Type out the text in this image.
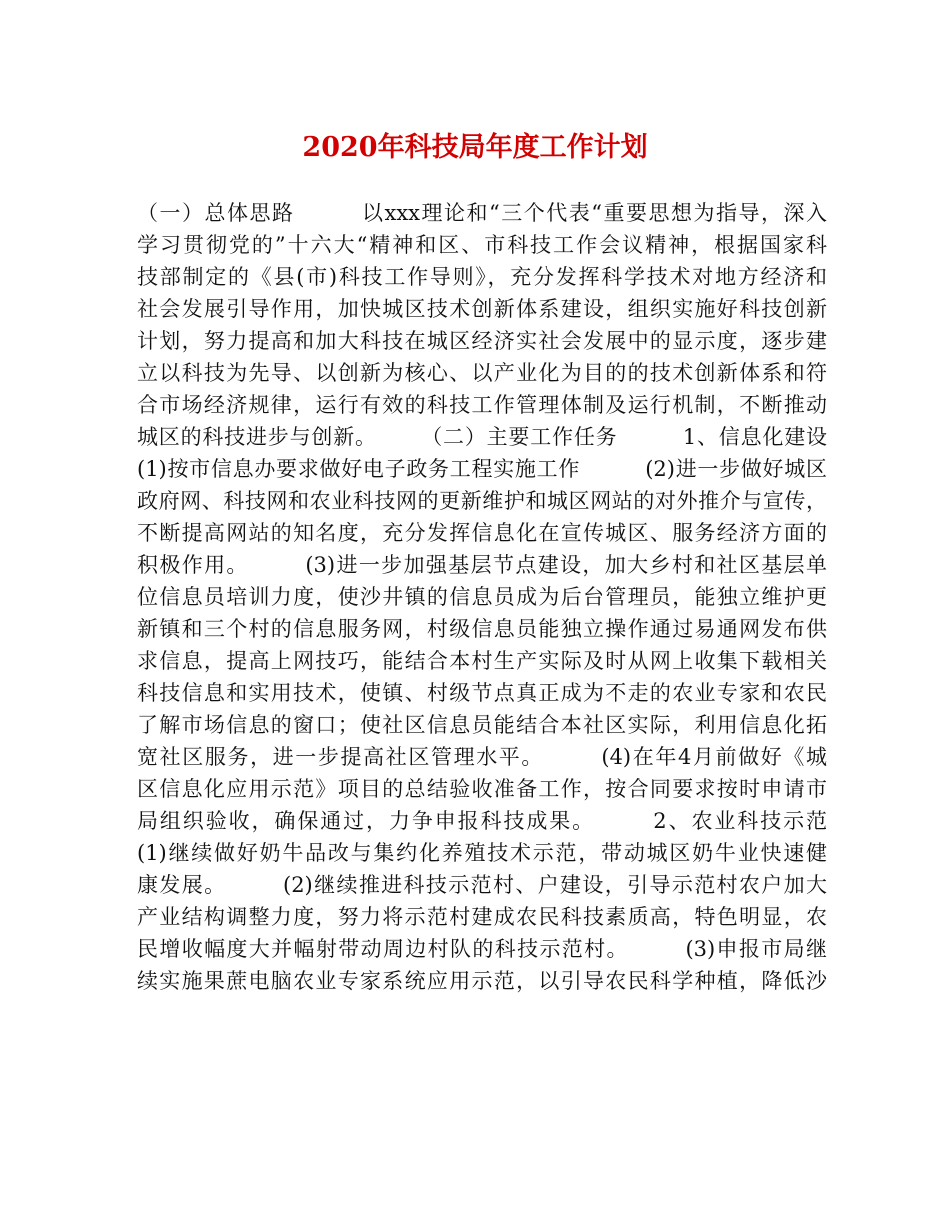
2020年科技局年度工作计划
（一）总体思路　　　以xxx理论和“三个代表“重要思想为指导，深入
学习贯彻党的”十六大“精神和区、市科技工作会议精神，根据国家科
技部制定的《县(市)科技工作导则》，充分发挥科学技术对地方经济和
社会发展引导作用，加快城区技术创新体系建设，组织实施好科技创新
计划，努力提高和加大科技在城区经济实社会发展中的显示度，逐步建
立以科技为先导、以创新为核心、以产业化为目的的技术创新体系和符
合市场经济规律，运行有效的科技工作管理体制及运行机制，不断推动
城区的科技进步与创新。　　　（二）主要工作任务　　　1、信息化建设
(1)按市信息办要求做好电子政务工程实施工作　　　(2)进一步做好城区
政府网、科技网和农业科技网的更新维护和城区网站的对外推介与宣传，
不断提高网站的知名度，充分发挥信息化在宣传城区、服务经济方面的
积极作用。　　　(3)进一步加强基层节点建设，加大乡村和社区基层单
位信息员培训力度，使沙井镇的信息员成为后台管理员，能独立维护更
新镇和三个村的信息服务网，村级信息员能独立操作通过易通网发布供
求信息，提高上网技巧，能结合本村生产实际及时从网上收集下载相关
科技信息和实用技术，使镇、村级节点真正成为不走的农业专家和农民
了解市场信息的窗口；使社区信息员能结合本社区实际，利用信息化拓
宽社区服务，进一步提高社区管理水平。　　　(4)在年4月前做好《城
区信息化应用示范》项目的总结验收准备工作，按合同要求按时申请市
局组织验收，确保通过，力争申报科技成果。　　　2、农业科技示范
(1)继续做好奶牛品改与集约化养殖技术示范，带动城区奶牛业快速健
康发展。　　　(2)继续推进科技示范村、户建设，引导示范村农户加大
产业结构调整力度，努力将示范村建成农民科技素质高，特色明显，农
民增收幅度大并幅射带动周边村队的科技示范村。　　　(3)申报市局继
续实施果蔗电脑农业专家系统应用示范，以引导农民科学种植，降低沙
